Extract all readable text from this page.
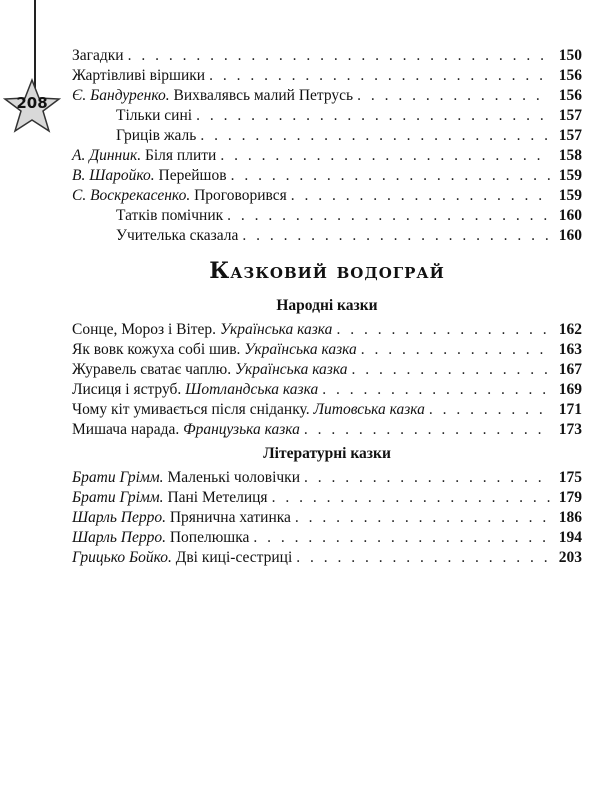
208
Загадки . . .	150
Жартівливі віршики . . .	156
Є. Бандуренко. Вихвалявсь малий Петрусь . . .	156
Тільки сині . . .	157
Гриців жаль . . .	157
А. Динник. Біля плити . . .	158
В. Шаройко. Перейшов . . .	159
С. Воскрекасенко. Проговорився . . .	159
Татків помічник . . .	160
Учителька сказала . . .	160
Казковий водограй
Народні казки
Сонце, Мороз і Вітер. Українська казка . . .	162
Як вовк кожуха собі шив. Українська казка . . .	163
Журавель сватає чаплю. Українська казка . . .	167
Лисиця і яструб. Шотландська казка . . .	169
Чому кіт умивається після сніданку. Литовська казка . . .	171
Мишача нарада. Французька казка . . .	173
Літературні казки
Брати Грімм. Маленькі чоловічки . . .	175
Брати Грімм. Пані Метелиця . . .	179
Шарль Перро. Прянична хатинка . . .	186
Шарль Перро. Попелюшка . . .	194
Грицько Бойко. Дві киці-сестриці . . .	203
